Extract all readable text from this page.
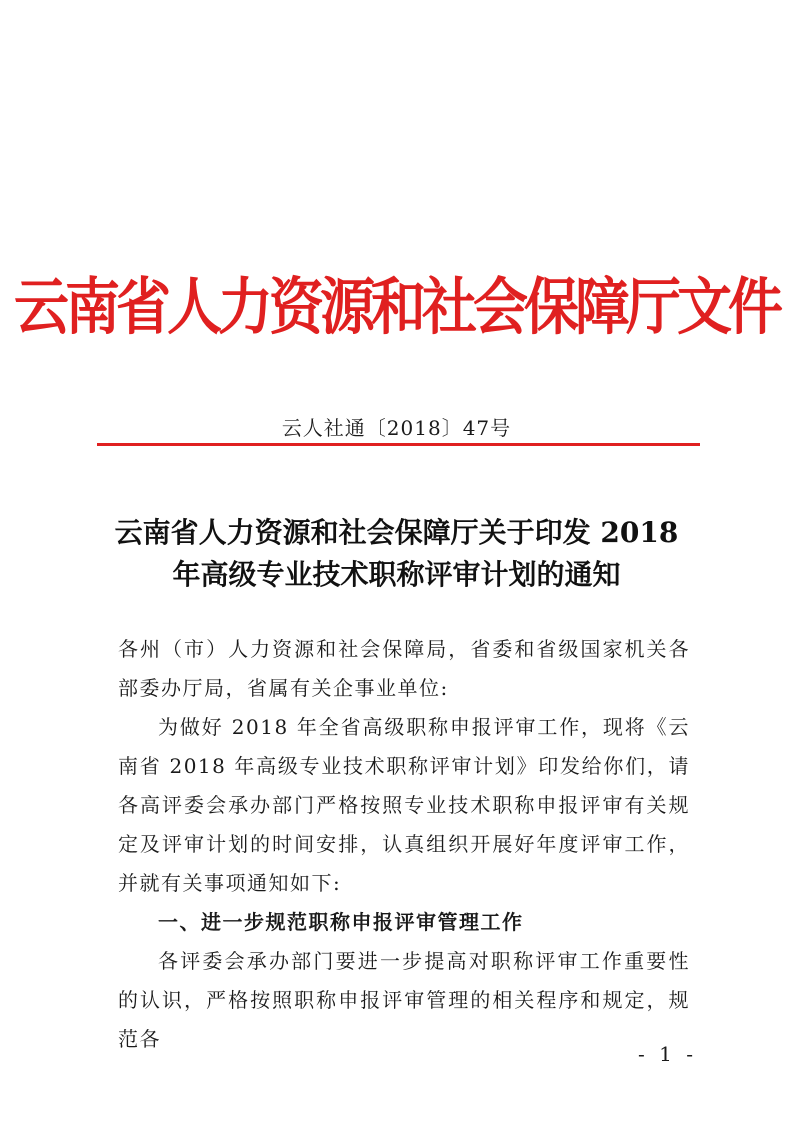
云南省人力资源和社会保障厅文件
云人社通〔2018〕47号
云南省人力资源和社会保障厅关于印发 2018
年高级专业技术职称评审计划的通知

各州（市）人力资源和社会保障局，省委和省级国家机关各部委办厅局，省属有关企事业单位:

为做好 2018 年全省高级职称申报评审工作，现将《云南省 2018 年高级专业技术职称评审计划》印发给你们，请各高评委会承办部门严格按照专业技术职称申报评审有关规定及评审计划的时间安排，认真组织开展好年度评审工作，并就有关事项通知如下:

一、进一步规范职称申报评审管理工作

各评委会承办部门要进一步提高对职称评审工作重要性的认识，严格按照职称申报评审管理的相关程序和规定，规范各

- 1 -
